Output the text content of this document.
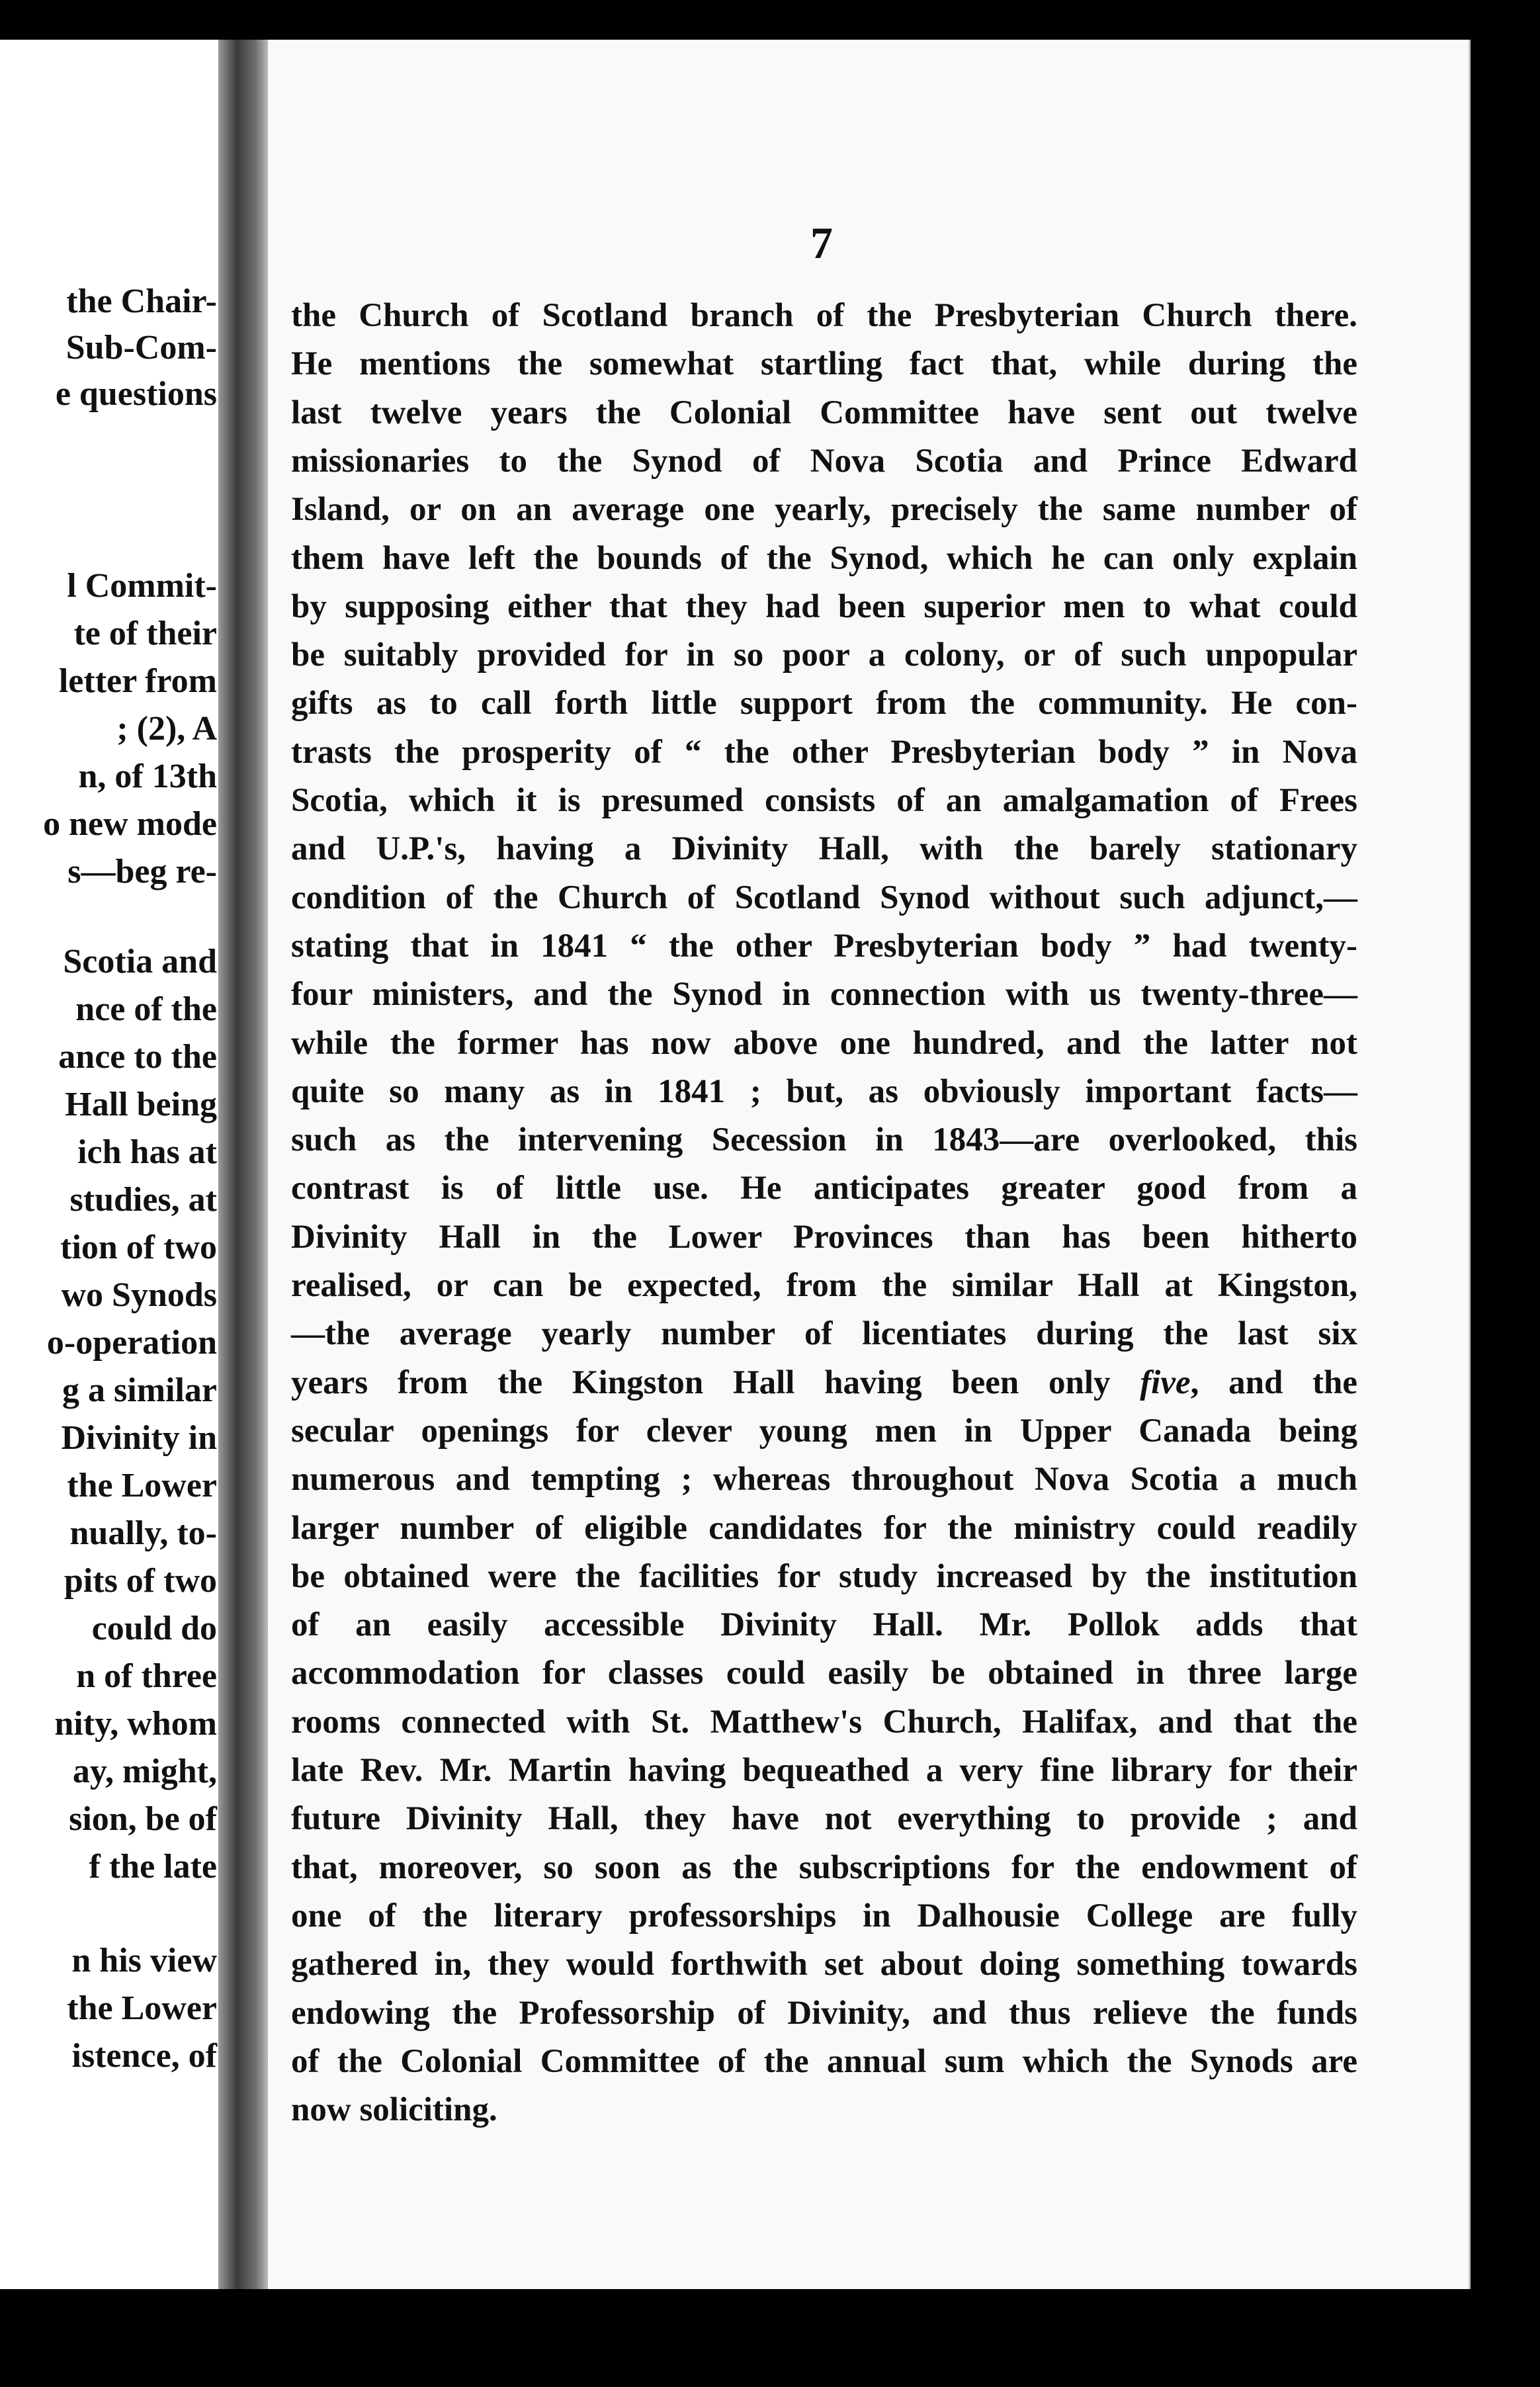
the Chair-
Sub-Com-
e questions
l Commit-
te of their
letter from
; (2), A
n, of 13th
o new mode
s—beg re-
Scotia and
nce of the
ance to the
Hall being
ich has at
studies, at
tion of two
wo Synods
o-operation
g a similar
Divinity in
the Lower
nually, to-
pits of two
could do
n of three
nity, whom
ay, might,
sion, be of
f the late
n his view
the Lower
istence, of
7
the Church of Scotland branch of the Presbyterian Church there.
He mentions the somewhat startling fact that, while during the
last twelve years the Colonial Committee have sent out twelve
missionaries to the Synod of Nova Scotia and Prince Edward
Island, or on an average one yearly, precisely the same number of
them have left the bounds of the Synod, which he can only explain
by supposing either that they had been superior men to what could
be suitably provided for in so poor a colony, or of such unpopular
gifts as to call forth little support from the community. He con-
trasts the prosperity of “ the other Presbyterian body ” in Nova
Scotia, which it is presumed consists of an amalgamation of Frees
and U.P.'s, having a Divinity Hall, with the barely stationary
condition of the Church of Scotland Synod without such adjunct,—
stating that in 1841 “ the other Presbyterian body ” had twenty-
four ministers, and the Synod in connection with us twenty-three—
while the former has now above one hundred, and the latter not
quite so many as in 1841 ; but, as obviously important facts—
such as the intervening Secession in 1843—are overlooked, this
contrast is of little use. He anticipates greater good from a
Divinity Hall in the Lower Provinces than has been hitherto
realised, or can be expected, from the similar Hall at Kingston,
—the average yearly number of licentiates during the last six
years from the Kingston Hall having been only five, and the
secular openings for clever young men in Upper Canada being
numerous and tempting ; whereas throughout Nova Scotia a much
larger number of eligible candidates for the ministry could readily
be obtained were the facilities for study increased by the institution
of an easily accessible Divinity Hall. Mr. Pollok adds that
accommodation for classes could easily be obtained in three large
rooms connected with St. Matthew's Church, Halifax, and that the
late Rev. Mr. Martin having bequeathed a very fine library for their
future Divinity Hall, they have not everything to provide ; and
that, moreover, so soon as the subscriptions for the endowment of
one of the literary professorships in Dalhousie College are fully
gathered in, they would forthwith set about doing something towards
endowing the Professorship of Divinity, and thus relieve the funds
of the Colonial Committee of the annual sum which the Synods are
now soliciting.
